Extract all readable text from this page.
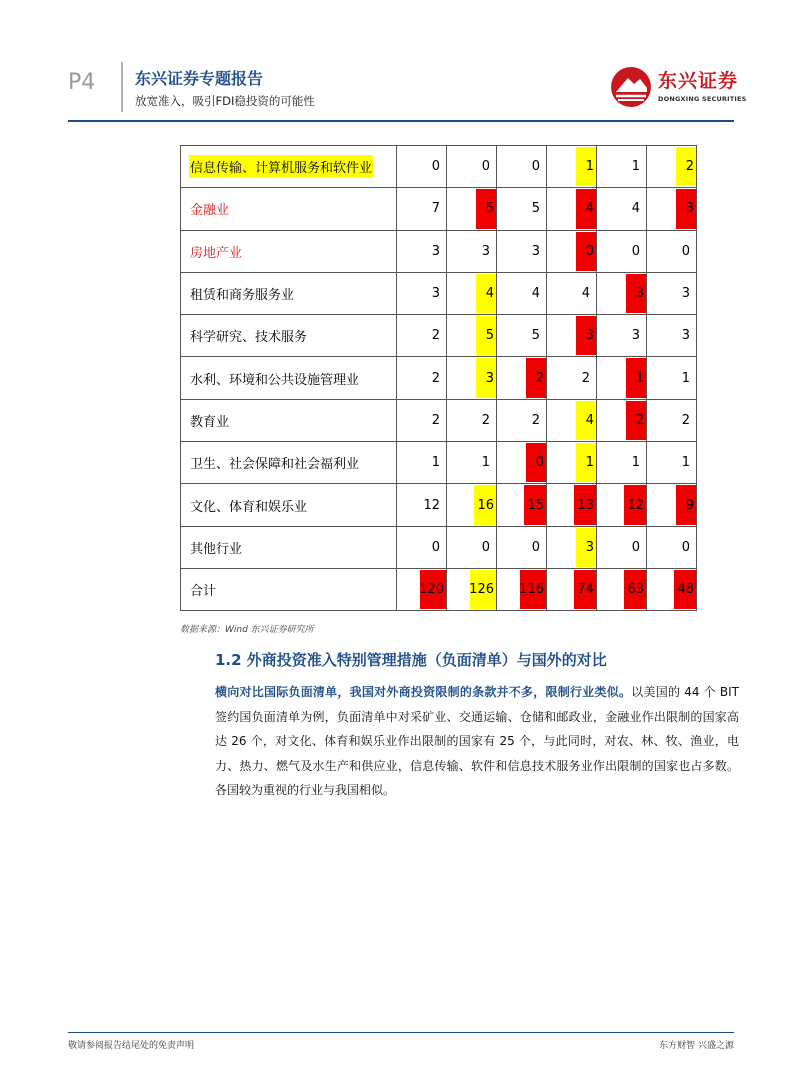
P4 东兴证券专题报告
放宽准入，吸引FDI稳投资的可能性
东兴证券
DONGXING SECURITIES
信息传输、计算机服务和软件业	0	0	0	1	1	2

金融业	7	5	5	4	4	3

房地产业	3	3	3	0	0	0
租赁和商务服务业	3	4	4	4	3	3
科学研究、技术服务	2	5	5	3	3	3
水利、环境和公共设施管理业	2	3	2	2	1	1
教育业	2	2	2	4	2	2
卫生、社会保障和社会福利业	1	1	0	1	1	1
文化、体育和娱乐业	12	16	15	13	12	9

其他行业	0	0	0	3	0	0
合计	120	126	116	74	63	48
数据来源：Wind 东兴证券研究所
1.2 外商投资准入特别管理措施（负面清单）与国外的对比
横向对比国际负面清单，我国对外商投资限制的条款并不多，限制行业类似。以美国的 44 个 BIT 签约国负面清单为例，负面清单中对采矿业、交通运输、仓储和邮政业，金融业作出限制的国家高达 26 个，对文化、体育和娱乐业作出限制的国家有 25 个，与此同时，对农、林、牧、渔业，电力、热力、燃气及水生产和供应业，信息传输、软件和信息技术服务业作出限制的国家也占多数。各国较为重视的行业与我国相似。
敬请参阅报告结尾处的免责声明	东方财智 兴盛之源
